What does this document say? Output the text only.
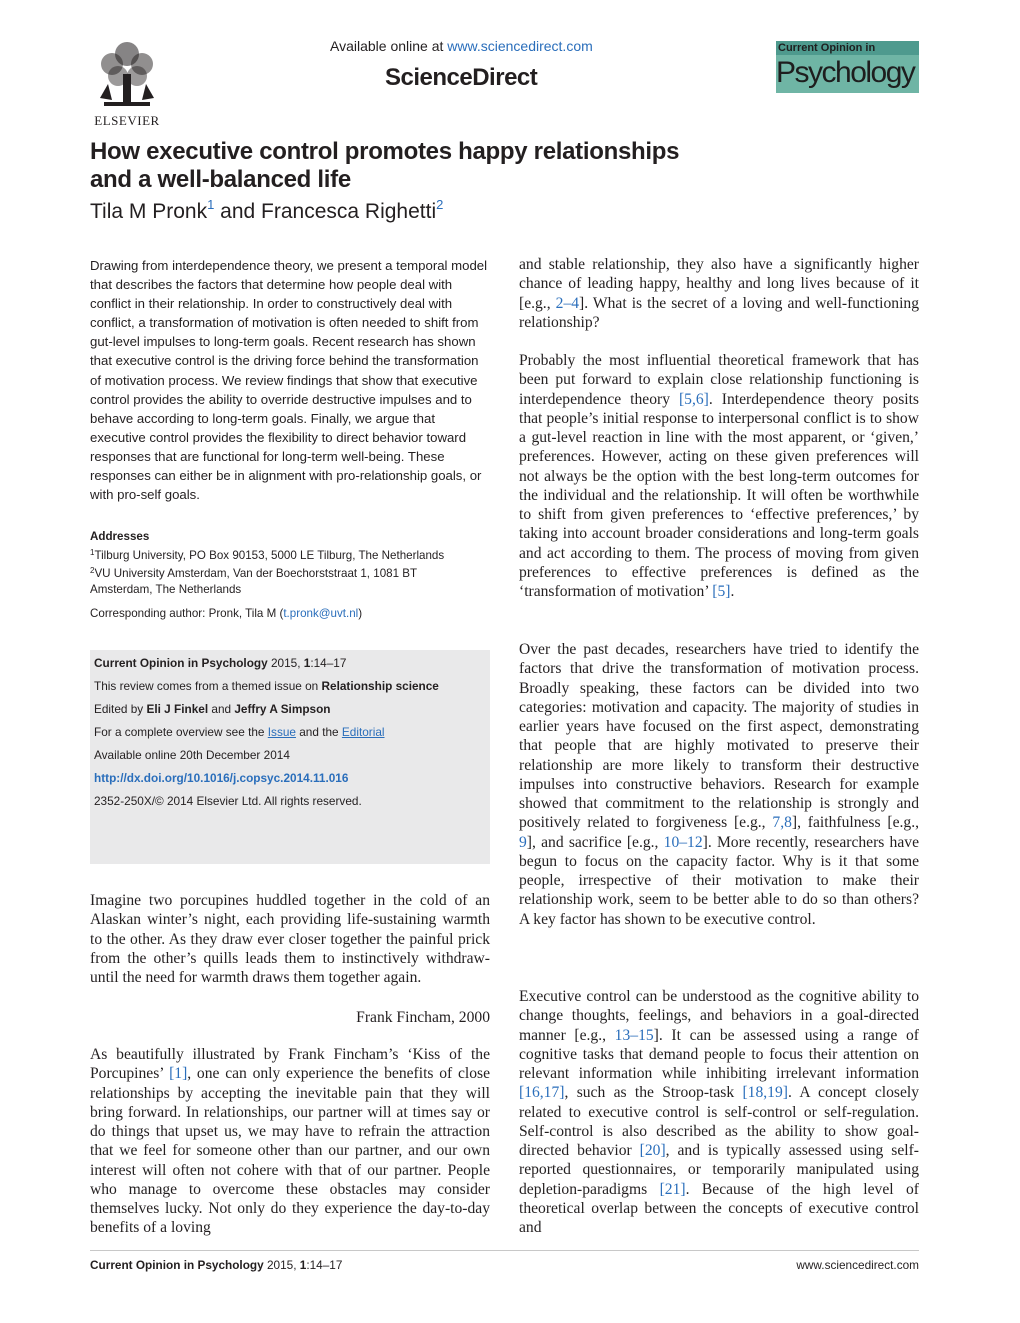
ELSEVIER
Available online at www.sciencedirect.com
ScienceDirect
Current Opinion in
Psychology
How executive control promotes happy relationships
and a well-balanced life
Tila M Pronk$^1$ and Francesca Righetti$^2$
Drawing from interdependence theory, we present a temporal model that describes the factors that determine how people deal with conflict in their relationship. In order to constructively deal with conflict, a transformation of motivation is often needed to shift from gut-level impulses to long-term goals. Recent research has shown that executive control is the driving force behind the transformation of motivation process. We review findings that show that executive control provides the ability to override destructive impulses and to behave according to long-term goals. Finally, we argue that executive control provides the flexibility to direct behavior toward responses that are functional for long-term well-being. These responses can either be in alignment with pro-relationship goals, or with pro-self goals.
Addresses
$^1$Tilburg University, PO Box 90153, 5000 LE Tilburg, The Netherlands
$^2$VU University Amsterdam, Van der Boechorststraat 1, 1081 BT
Amsterdam, The Netherlands
Corresponding author: Pronk, Tila M (t.pronk@uvt.nl)
Current Opinion in Psychology 2015, 1:14–17
This review comes from a themed issue on Relationship science
Edited by Eli J Finkel and Jeffry A Simpson
For a complete overview see the Issue and the Editorial
Available online 20th December 2014
http://dx.doi.org/10.1016/j.copsyc.2014.11.016
2352-250X/© 2014 Elsevier Ltd. All rights reserved.
Imagine two porcupines huddled together in the cold of an Alaskan winter’s night, each providing life-sustaining warmth to the other. As they draw ever closer together the painful prick from the other’s quills leads them to instinctively withdraw-until the need for warmth draws them together again.
Frank Fincham, 2000
As beautifully illustrated by Frank Fincham’s ‘Kiss of the Porcupines’ [1], one can only experience the benefits of close relationships by accepting the inevitable pain that they will bring forward. In relationships, our partner will at times say or do things that upset us, we may have to refrain the attraction that we feel for someone other than our partner, and our own interest will often not cohere with that of our partner. People who manage to overcome these obstacles may consider themselves lucky. Not only do they experience the day-to-day benefits of a loving
and stable relationship, they also have a significantly higher chance of leading happy, healthy and long lives because of it [e.g., 2–4]. What is the secret of a loving and well-functioning relationship?
Probably the most influential theoretical framework that has been put forward to explain close relationship functioning is interdependence theory [5,6]. Interdependence theory posits that people’s initial response to interpersonal conflict is to show a gut-level reaction in line with the most apparent, or ‘given,’ preferences. However, acting on these given preferences will not always be the option with the best long-term outcomes for the individual and the relationship. It will often be worthwhile to shift from given preferences to ‘effective preferences,’ by taking into account broader considerations and long-term goals and act according to them. The process of moving from given preferences to effective preferences is defined as the ‘transformation of motivation’ [5].
Over the past decades, researchers have tried to identify the factors that drive the transformation of motivation process. Broadly speaking, these factors can be divided into two categories: motivation and capacity. The majority of studies in earlier years have focused on the first aspect, demonstrating that people that are highly motivated to preserve their relationship are more likely to transform their destructive impulses into constructive behaviors. Research for example showed that commitment to the relationship is strongly and positively related to forgiveness [e.g., 7,8], faithfulness [e.g., 9], and sacrifice [e.g., 10–12]. More recently, researchers have begun to focus on the capacity factor. Why is it that some people, irrespective of their motivation to make their relationship work, seem to be better able to do so than others? A key factor has shown to be executive control.
Executive control can be understood as the cognitive ability to change thoughts, feelings, and behaviors in a goal-directed manner [e.g., 13–15]. It can be assessed using a range of cognitive tasks that demand people to focus their attention on relevant information while inhibiting irrelevant information [16,17], such as the Stroop-task [18,19]. A concept closely related to executive control is self-control or self-regulation. Self-control is also described as the ability to show goal-directed behavior [20], and is typically assessed using self-reported questionnaires, or temporarily manipulated using depletion-paradigms [21]. Because of the high level of theoretical overlap between the concepts of executive control and
Current Opinion in Psychology 2015, 1:14–17	www.sciencedirect.com
